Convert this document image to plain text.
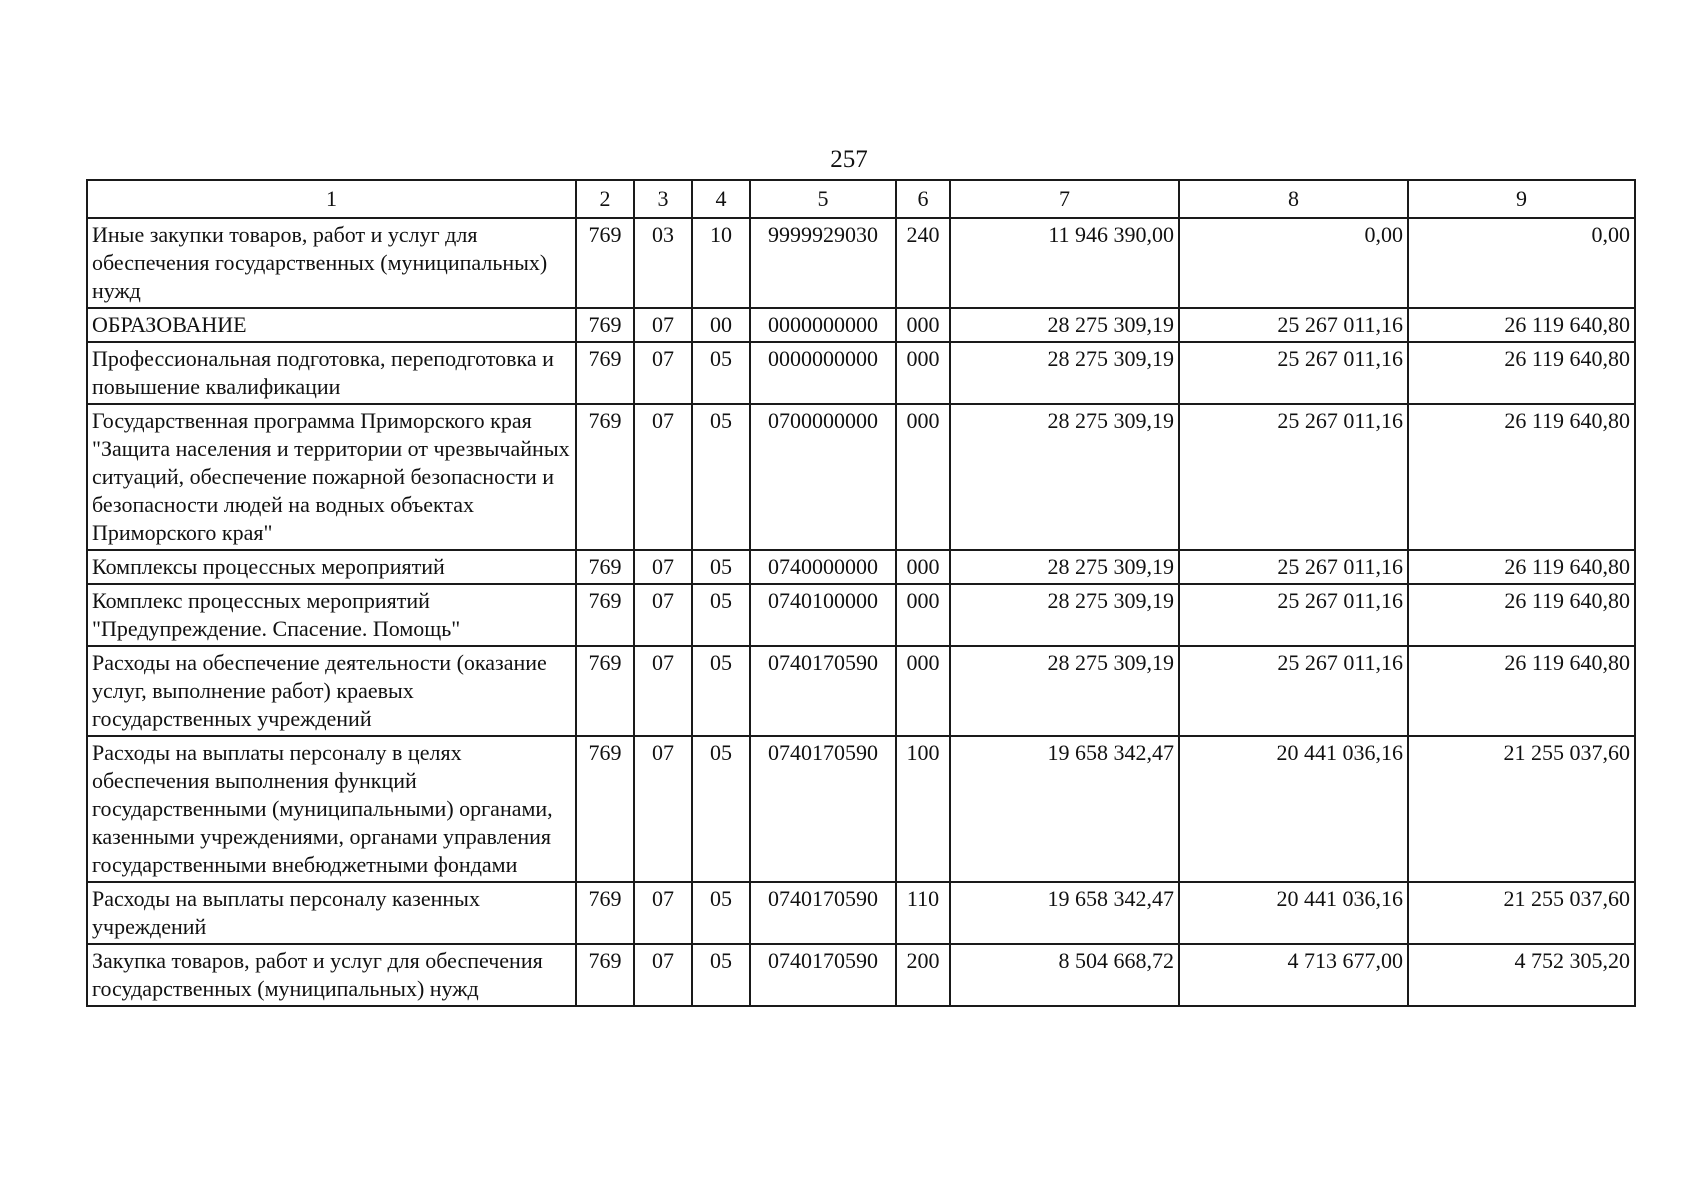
257
1	2	3	4	5	6	7	8	9
Иные закупки товаров, работ и услуг для обеспечения государственных (муниципальных) нужд	769	03	10	9999929030	240	11 946 390,00	0,00	0,00
ОБРАЗОВАНИЕ	769	07	00	0000000000	000	28 275 309,19	25 267 011,16	26 119 640,80
Профессиональная подготовка, переподготовка и повышение квалификации	769	07	05	0000000000	000	28 275 309,19	25 267 011,16	26 119 640,80
Государственная программа Приморского края "Защита населения и территории от чрезвычайных ситуаций, обеспечение пожарной безопасности и безопасности людей на водных объектах Приморского края"	769	07	05	0700000000	000	28 275 309,19	25 267 011,16	26 119 640,80
Комплексы процессных мероприятий	769	07	05	0740000000	000	28 275 309,19	25 267 011,16	26 119 640,80
Комплекс процессных мероприятий "Предупреждение. Спасение. Помощь"	769	07	05	0740100000	000	28 275 309,19	25 267 011,16	26 119 640,80
Расходы на обеспечение деятельности (оказание услуг, выполнение работ) краевых государственных учреждений	769	07	05	0740170590	000	28 275 309,19	25 267 011,16	26 119 640,80
Расходы на выплаты персоналу в целях обеспечения выполнения функций государственными (муниципальными) органами, казенными учреждениями, органами управления государственными внебюджетными фондами	769	07	05	0740170590	100	19 658 342,47	20 441 036,16	21 255 037,60
Расходы на выплаты персоналу казенных учреждений	769	07	05	0740170590	110	19 658 342,47	20 441 036,16	21 255 037,60
Закупка товаров, работ и услуг для обеспечения государственных (муниципальных) нужд	769	07	05	0740170590	200	8 504 668,72	4 713 677,00	4 752 305,20
